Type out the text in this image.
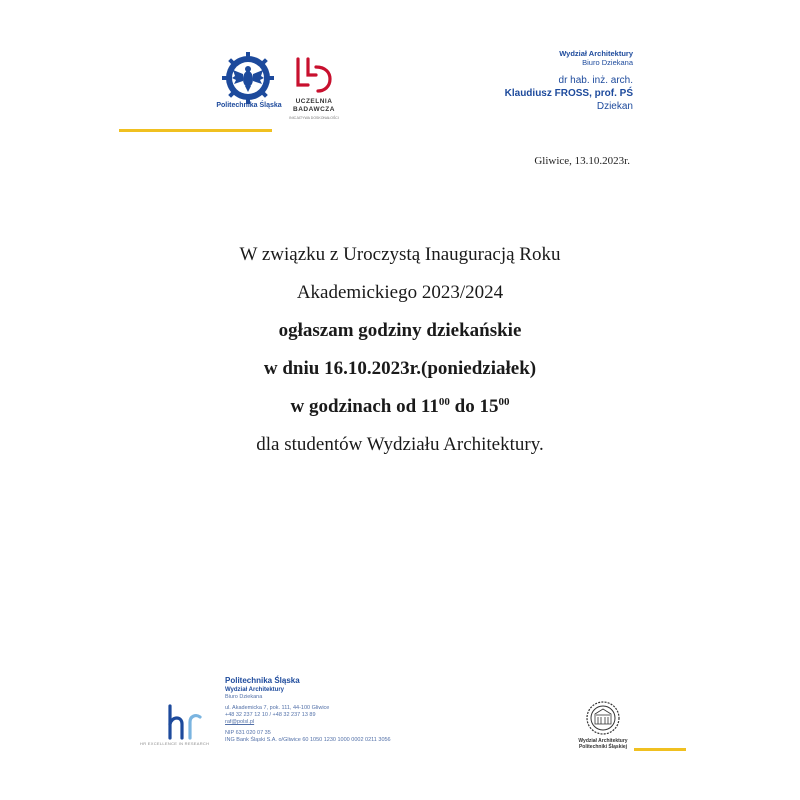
Politechnika Śląska
UCZELNIA
BADAWCZA
INICJATYWA DOSKONAŁOŚCI
Wydział Architektury
Biuro Dziekana
dr hab. inż. arch.
Klaudiusz FROSS, prof. PŚ
Dziekan
Gliwice, 13.10.2023r.
W związku z Uroczystą Inauguracją Roku
Akademickiego 2023/2024
ogłaszam godziny dziekańskie
w dniu 16.10.2023r.(poniedziałek)
w godzinach od $11^{00}$ do $15^{00}$
dla studentów Wydziału Architektury.
HR EXCELLENCE IN RESEARCH
Politechnika Śląska
Wydział Architektury
Biuro Dziekana
ul. Akademicka 7, pok. 111, 44-100 Gliwice
+48 32 237 12 10 / +48 32 237 13 89
raf@polsl.pl
NIP 631 020 07 35
ING Bank Śląski S.A. o/Gliwice 60 1050 1230 1000 0002 0211 3056	Wydział Architektury
Politechniki Śląskiej
